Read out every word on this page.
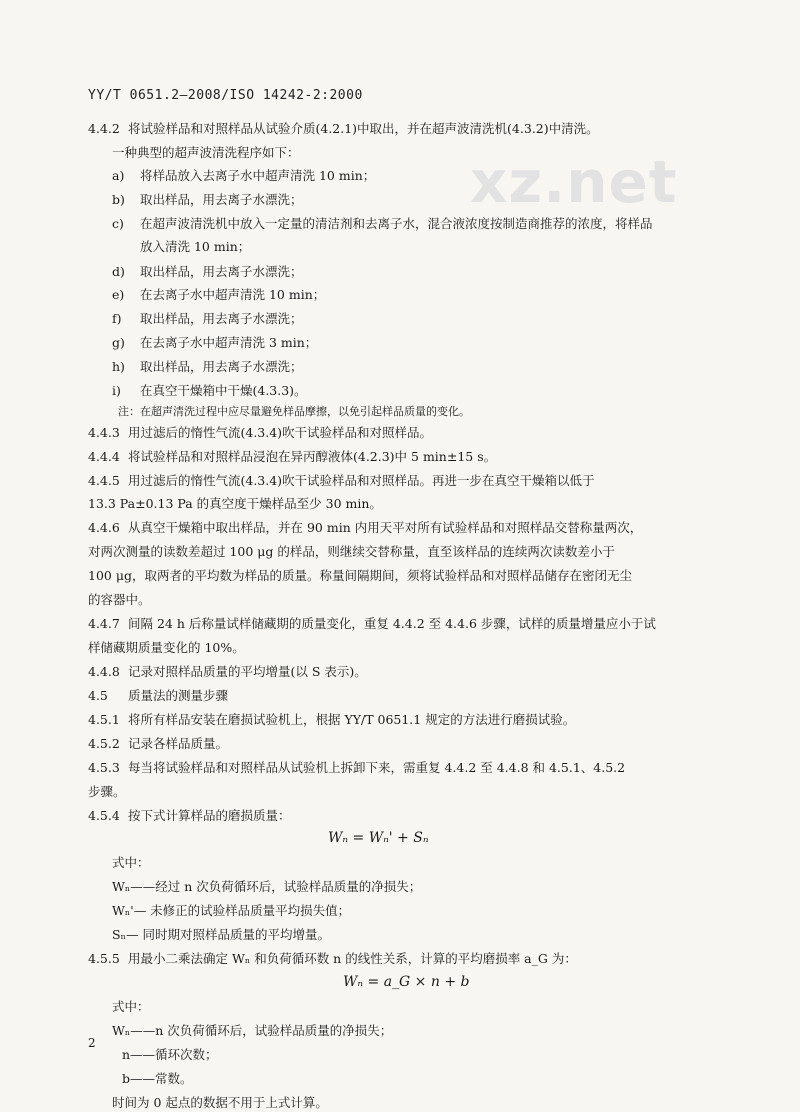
YY/T 0651.2—2008/ISO 14242-2:2000
xz.net
4.4.2 将试验样品和对照样品从试验介质(4.2.1)中取出，并在超声波清洗机(4.3.2)中清洗。
一种典型的超声波清洗程序如下：
a) 将样品放入去离子水中超声清洗 10 min；
b) 取出样品，用去离子水漂洗；
c) 在超声波清洗机中放入一定量的清洁剂和去离子水，混合液浓度按制造商推荐的浓度，将样品
放入清洗 10 min；
d) 取出样品，用去离子水漂洗；
e) 在去离子水中超声清洗 10 min；
f) 取出样品，用去离子水漂洗；
g) 在去离子水中超声清洗 3 min；
h) 取出样品，用去离子水漂洗；
i) 在真空干燥箱中干燥(4.3.3)。
注：在超声清洗过程中应尽量避免样品摩擦，以免引起样品质量的变化。
4.4.3 用过滤后的惰性气流(4.3.4)吹干试验样品和对照样品。
4.4.4 将试验样品和对照样品浸泡在异丙醇液体(4.2.3)中 5 min±15 s。
4.4.5 用过滤后的惰性气流(4.3.4)吹干试验样品和对照样品。再进一步在真空干燥箱以低于
13.3 Pa±0.13 Pa 的真空度干燥样品至少 30 min。
4.4.6 从真空干燥箱中取出样品，并在 90 min 内用天平对所有试验样品和对照样品交替称量两次，
对两次测量的读数差超过 100 μg 的样品，则继续交替称量，直至该样品的连续两次读数差小于
100 μg，取两者的平均数为样品的质量。称量间隔期间，须将试验样品和对照样品储存在密闭无尘
的容器中。
4.4.7 间隔 24 h 后称量试样储藏期的质量变化，重复 4.4.2 至 4.4.6 步骤，试样的质量增量应小于试
样储藏期质量变化的 10%。
4.4.8 记录对照样品质量的平均增量(以 S 表示)。
4.5 质量法的测量步骤
4.5.1 将所有样品安装在磨损试验机上，根据 YY/T 0651.1 规定的方法进行磨损试验。
4.5.2 记录各样品质量。
4.5.3 每当将试验样品和对照样品从试验机上拆卸下来，需重复 4.4.2 至 4.4.8 和 4.5.1、4.5.2
步骤。
4.5.4 按下式计算样品的磨损质量：
Wₙ = Wₙ' + Sₙ
式中：
Wₙ——经过 n 次负荷循环后，试验样品质量的净损失；
Wₙ'— 未修正的试验样品质量平均损失值；
Sₙ— 同时期对照样品质量的平均增量。
4.5.5 用最小二乘法确定 Wₙ 和负荷循环数 n 的线性关系，计算的平均磨损率 a_G 为：
Wₙ = a_G × n + b
式中：
Wₙ——n 次负荷循环后，试验样品质量的净损失；
n——循环次数；
b——常数。
时间为 0 起点的数据不用于上式计算。
2
